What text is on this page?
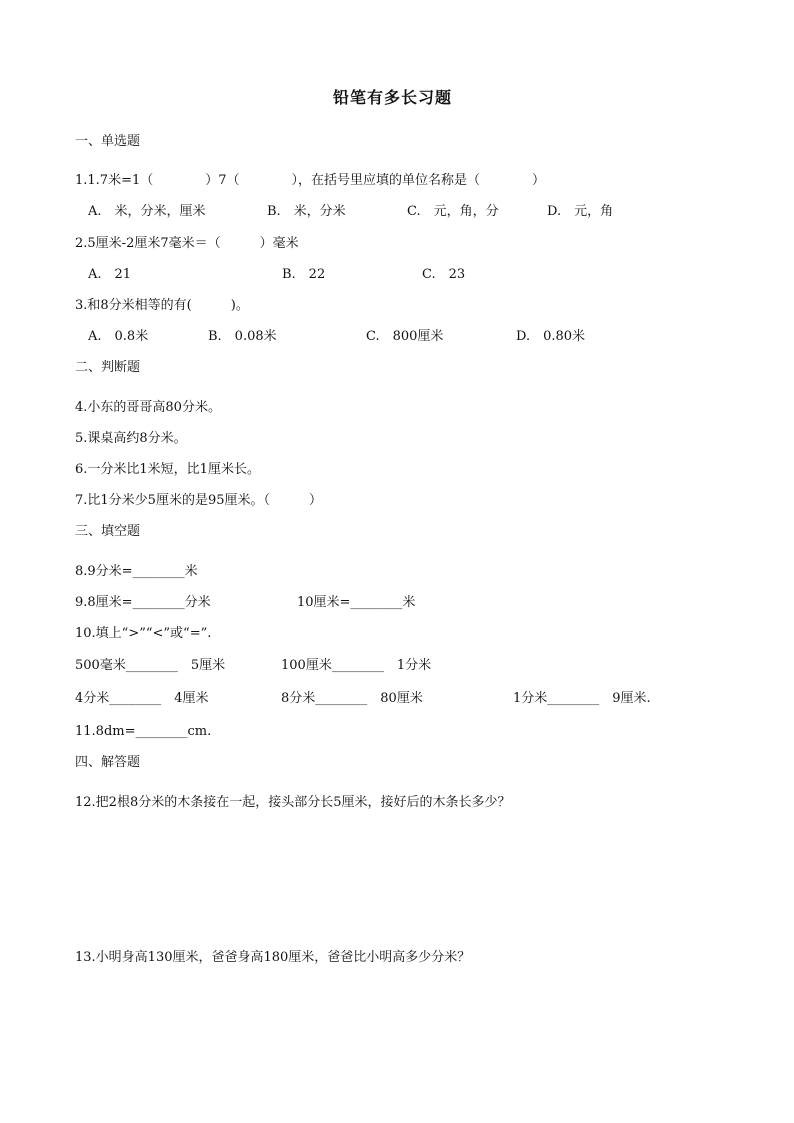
铅笔有多长习题
一、单选题
1.1.7米=1（　　　　）7（　　　　），在括号里应填的单位名称是（　　　　）
A.　米，分米，厘米	B.　米，分米	C.　元，角，分	D.　元，角
2.5厘米-2厘米7毫米＝（　　　）毫米
A.　21	B.　22	C.　23
3.和8分米相等的有(　　　)。
A.　0.8米	B.　0.08米	C.　800厘米	D.　0.80米
二、判断题
4.小东的哥哥高80分米。
5.课桌高约8分米。
6.一分米比1米短，比1厘米长。
7.比1分米少5厘米的是95厘米。（　　　）
三、填空题
8.9分米=________米
9.8厘米=________分米	10厘米=________米
10.填上“>”“<”或“=”.
500毫米________　5厘米	100厘米________　1分米
4分米________　4厘米	8分米________　80厘米	1分米________　9厘米.
11.8dm=________cm.
四、解答题
12.把2根8分米的木条接在一起，接头部分长5厘米，接好后的木条长多少？
13.小明身高130厘米，爸爸身高180厘米，爸爸比小明高多少分米？
